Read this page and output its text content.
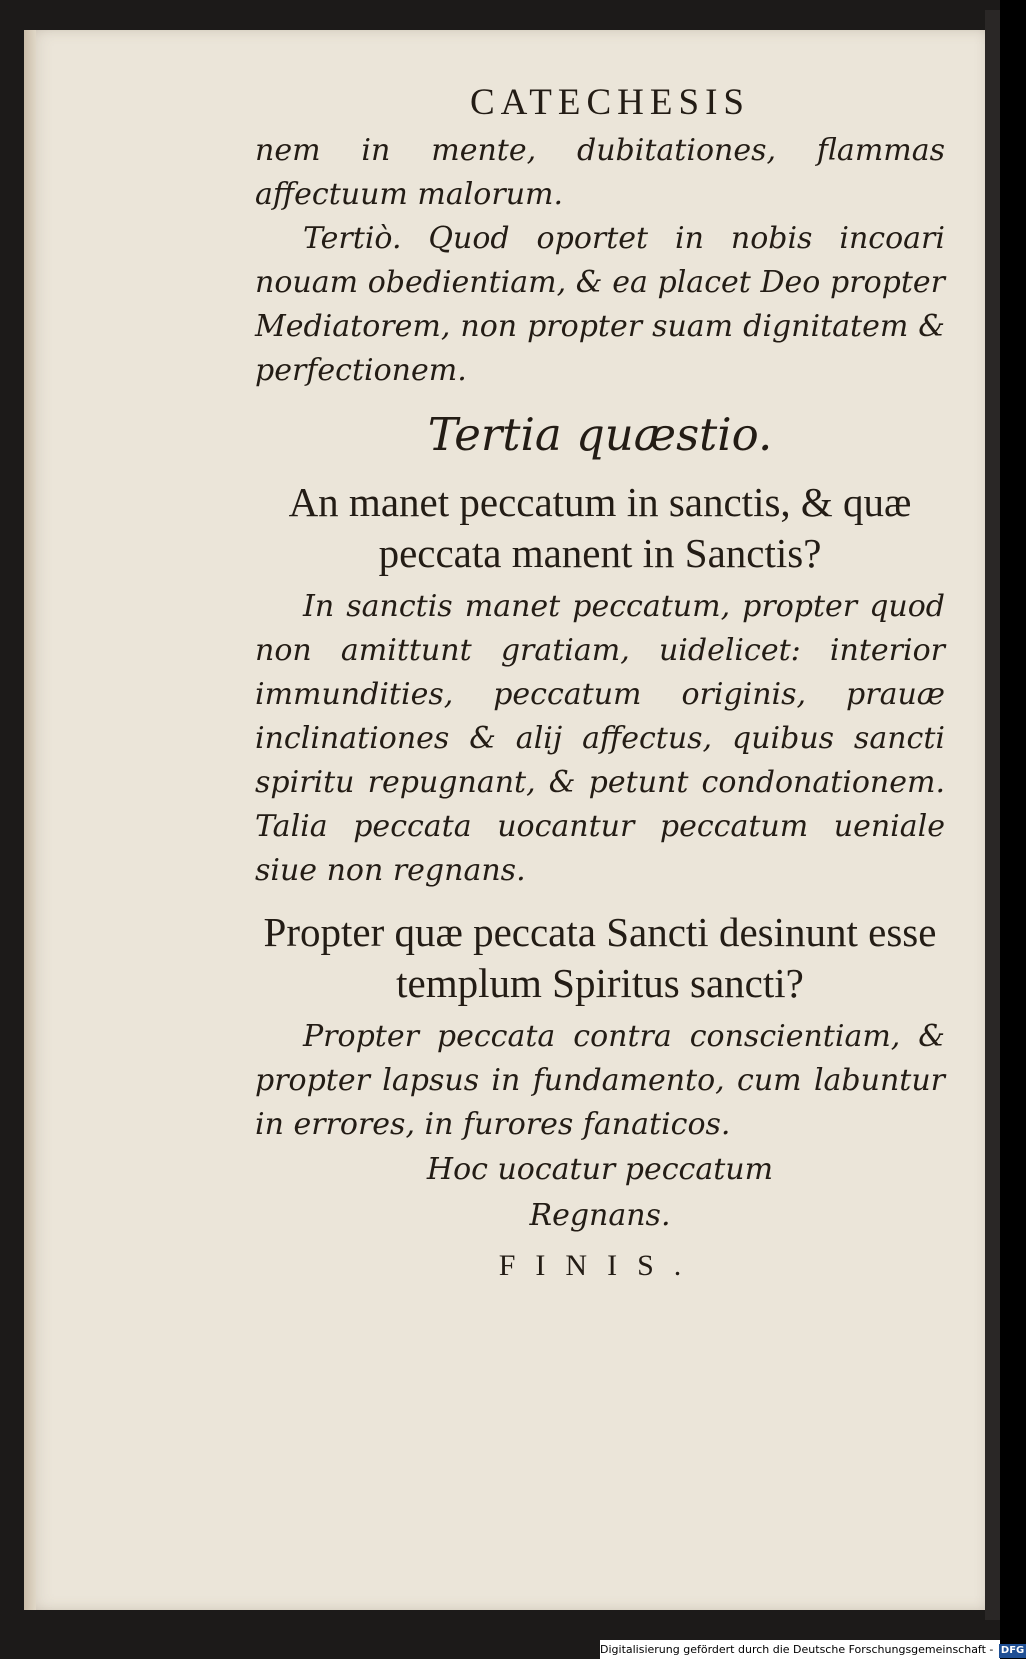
CATECHESIS

nem in mente, dubitationes, flammas affectuum malorum.

Tertiò. Quod oportet in nobis incoari nouam obedientiam, & ea placet Deo propter Mediatorem, non propter suam dignitatem & perfectionem.

Tertia quæstio.
An manet peccatum in sanctis, & quæ peccata manent in Sanctis?

In sanctis manet peccatum, propter quod non amittunt gratiam, uidelicet: interior immundities, peccatum originis, prauæ inclinationes & alij affectus, quibus sancti spiritu repugnant, & petunt condonationem. Talia peccata uocantur peccatum ueniale siue non regnans.

Propter quæ peccata Sancti desinunt esse templum Spiritus sancti?

Propter peccata contra conscientiam, & propter lapsus in fundamento, cum labuntur in errores, in furores fanaticos.

Hoc uocatur peccatum
Regnans.
FINIS.
Digitalisierung gefördert durch die Deutsche Forschungsgemeinschaft - DFG
